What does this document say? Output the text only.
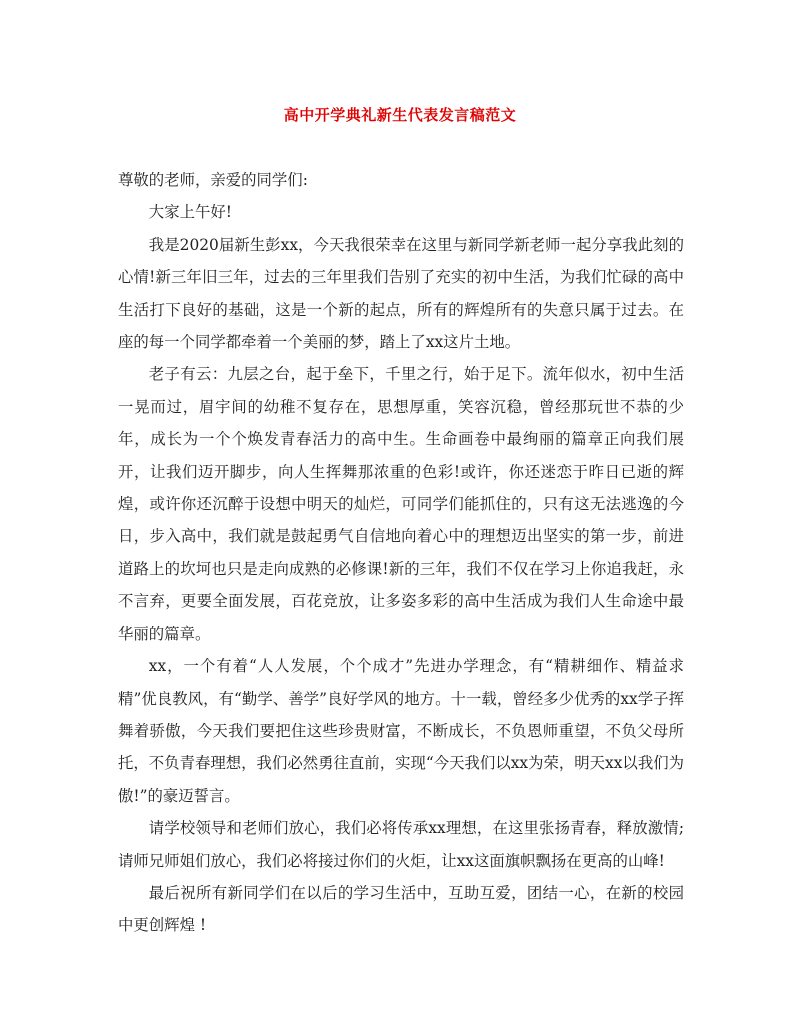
高中开学典礼新生代表发言稿范文

尊敬的老师，亲爱的同学们:

大家上午好!

我是2020届新生彭xx，今天我很荣幸在这里与新同学新老师一起分享我此刻的心情!新三年旧三年，过去的三年里我们告别了充实的初中生活，为我们忙碌的高中生活打下良好的基础，这是一个新的起点，所有的辉煌所有的失意只属于过去。在座的每一个同学都牵着一个美丽的梦，踏上了xx这片土地。

老子有云：九层之台，起于垒下，千里之行，始于足下。流年似水，初中生活一晃而过，眉宇间的幼稚不复存在，思想厚重，笑容沉稳，曾经那玩世不恭的少年，成长为一个个焕发青春活力的高中生。生命画卷中最绚丽的篇章正向我们展开，让我们迈开脚步，向人生挥舞那浓重的色彩!或许，你还迷恋于昨日已逝的辉煌，或许你还沉醉于设想中明天的灿烂，可同学们能抓住的，只有这无法逃逸的今日，步入高中，我们就是鼓起勇气自信地向着心中的理想迈出坚实的第一步，前进道路上的坎坷也只是走向成熟的必修课!新的三年，我们不仅在学习上你追我赶，永不言弃，更要全面发展，百花竞放，让多姿多彩的高中生活成为我们人生命途中最华丽的篇章。

xx，一个有着“人人发展，个个成才”先进办学理念，有“精耕细作、精益求精”优良教风，有“勤学、善学”良好学风的地方。十一载，曾经多少优秀的xx学子挥舞着骄傲，今天我们要把住这些珍贵财富，不断成长，不负恩师重望，不负父母所托，不负青春理想，我们必然勇往直前，实现“今天我们以xx为荣，明天xx以我们为傲!”的豪迈誓言。

请学校领导和老师们放心，我们必将传承xx理想，在这里张扬青春，释放激情;请师兄师姐们放心，我们必将接过你们的火炬，让xx这面旗帜飘扬在更高的山峰!

最后祝所有新同学们在以后的学习生活中，互助互爱，团结一心，在新的校园中更创辉煌 !
